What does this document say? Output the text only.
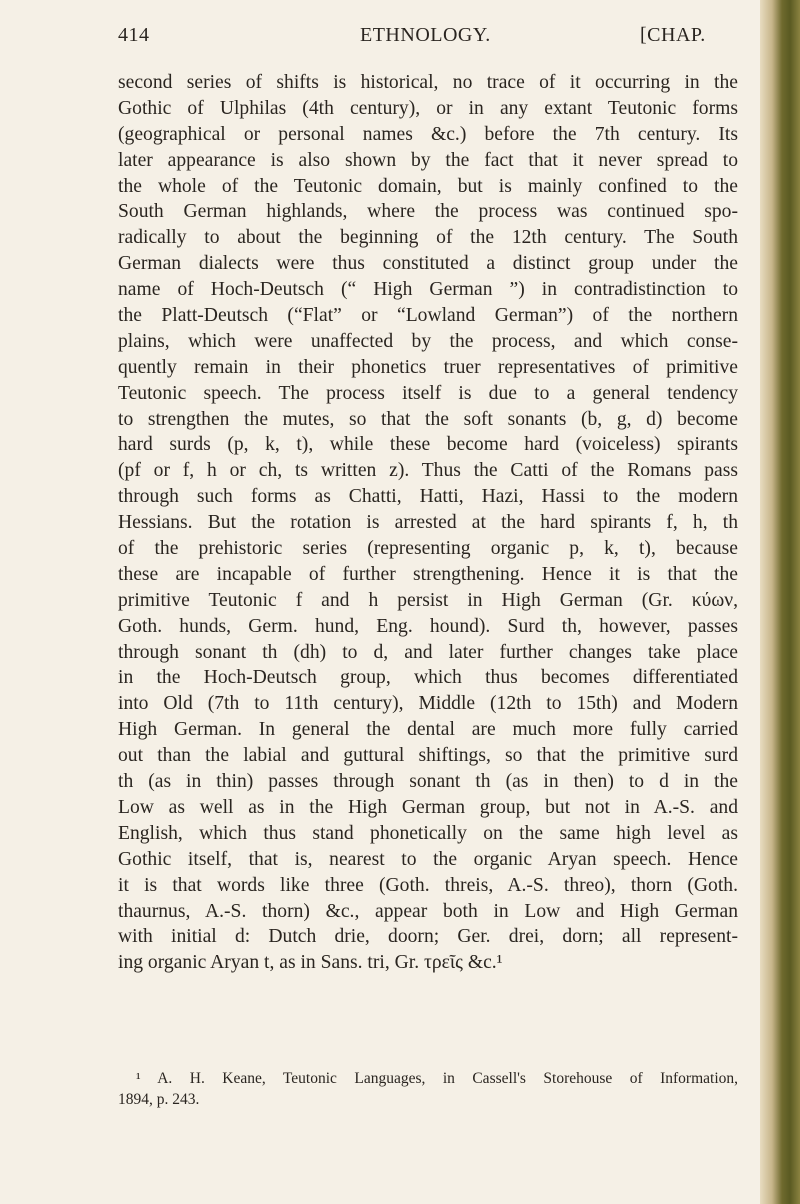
414	ETHNOLOGY.	[CHAP.
second series of shifts is historical, no trace of it occurring in the
Gothic of Ulphilas (4th century), or in any extant Teutonic forms
(geographical or personal names &c.) before the 7th century. Its
later appearance is also shown by the fact that it never spread to
the whole of the Teutonic domain, but is mainly confined to the
South German highlands, where the process was continued spo-
radically to about the beginning of the 12th century. The South
German dialects were thus constituted a distinct group under the
name of Hoch-Deutsch (“ High German ”) in contradistinction to
the Platt-Deutsch (“Flat” or “Lowland German”) of the northern
plains, which were unaffected by the process, and which conse-
quently remain in their phonetics truer representatives of primitive
Teutonic speech. The process itself is due to a general tendency
to strengthen the mutes, so that the soft sonants (b, g, d) become
hard surds (p, k, t), while these become hard (voiceless) spirants
(pf or f, h or ch, ts written z). Thus the Catti of the Romans pass
through such forms as Chatti, Hatti, Hazi, Hassi to the modern
Hessians. But the rotation is arrested at the hard spirants f, h, th
of the prehistoric series (representing organic p, k, t), because
these are incapable of further strengthening. Hence it is that the
primitive Teutonic f and h persist in High German (Gr. κύων,
Goth. hunds, Germ. hund, Eng. hound). Surd th, however, passes
through sonant th (dh) to d, and later further changes take place
in the Hoch-Deutsch group, which thus becomes differentiated
into Old (7th to 11th century), Middle (12th to 15th) and Modern
High German. In general the dental are much more fully carried
out than the labial and guttural shiftings, so that the primitive surd
th (as in thin) passes through sonant th (as in then) to d in the
Low as well as in the High German group, but not in A.-S. and
English, which thus stand phonetically on the same high level as
Gothic itself, that is, nearest to the organic Aryan speech. Hence
it is that words like three (Goth. threis, A.-S. threo), thorn (Goth.
thaurnus, A.-S. thorn) &c., appear both in Low and High German
with initial d: Dutch drie, doorn; Ger. drei, dorn; all represent-
ing organic Aryan t, as in Sans. tri, Gr. τρεῖς &c.¹
¹ A. H. Keane, Teutonic Languages, in Cassell's Storehouse of Information,
1894, p. 243.
